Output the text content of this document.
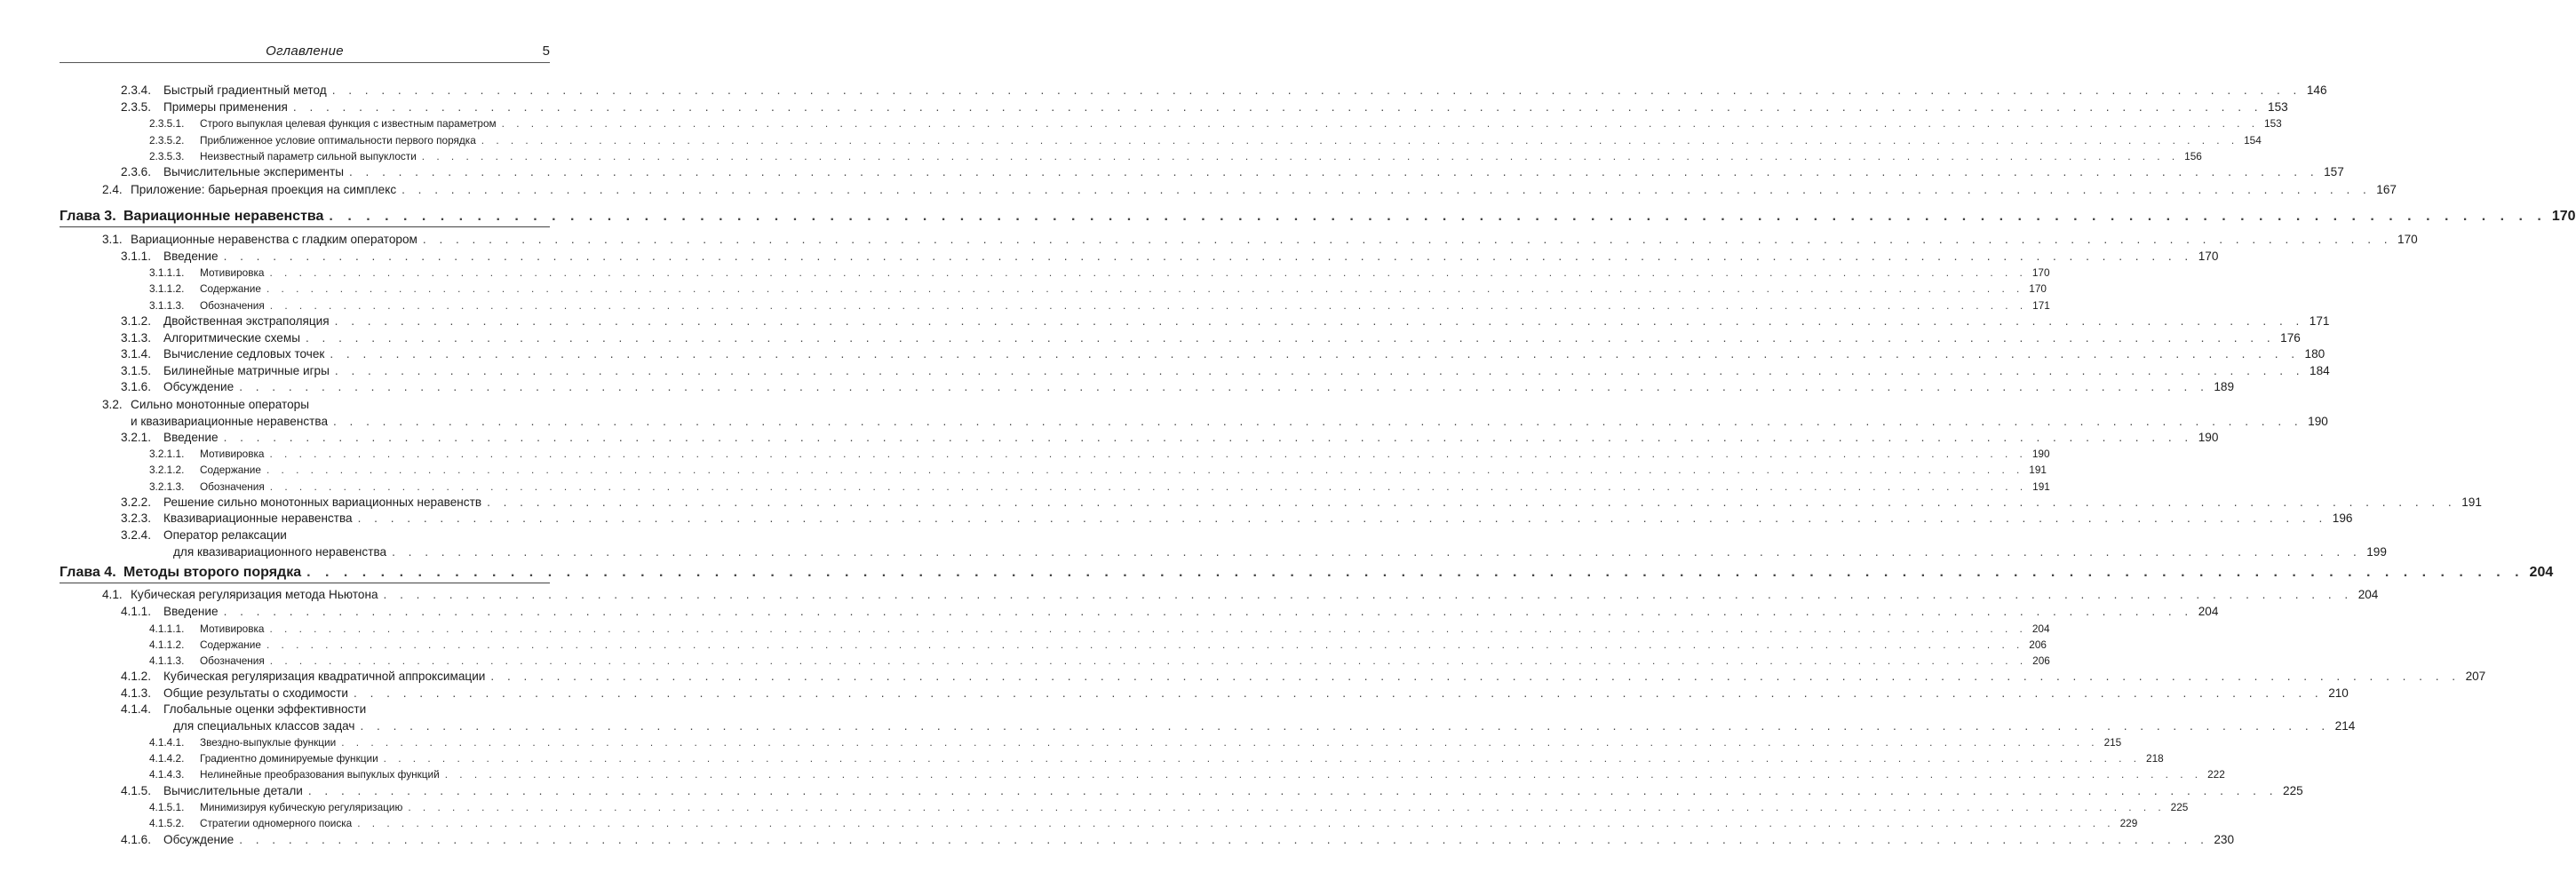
Оглавление	5
2.3.4. Быстрый градиентный метод . . . . . . . . . . . . . . . . . . . . . . . . . . . . . . . . . . . . . . . . . . . . . . . . . . . . . . . . . . . . . . . . . . . . . . . . . . . . . . . . . . . . . . . . . . . . . . . . . . . . . . . . . . . . . . . . . . . . . . . . 146
2.3.5. Примеры применения . . . . . . . . . . . . . . . . . . . . . . . . . . . . . . . . . . . . . . . . . . . . . . . . . . . . . . . . . . . . . . . . . . . . . . . . . . . . . . . . . . . . . . . . . . . . . . . . . . . . . . . . . . . . . . . . . . . . . . . . 153
2.3.5.1. Строго выпуклая целевая функция с известным параметром . . . . . . . . . . . . . . . . . . . . . . . . . . . . . . . . . . . . . . . . . . . . . . . . . . . . . . . . . . . . . . . . . . . . . . . . . . . . . . . . . . . . . . . . . . . . . . . . . . . . . . . . . . . . . . . . . . . . . . . . 153
2.3.5.2. Приближенное условие оптимальности первого порядка . . . . . . . . . . . . . . . . . . . . . . . . . . . . . . . . . . . . . . . . . . . . . . . . . . . . . . . . . . . . . . . . . . . . . . . . . . . . . . . . . . . . . . . . . . . . . . . . . . . . . . . . . . . . . . . . . . . . . . . . 154
2.3.5.3. Неизвестный параметр сильной выпуклости . . . . . . . . . . . . . . . . . . . . . . . . . . . . . . . . . . . . . . . . . . . . . . . . . . . . . . . . . . . . . . . . . . . . . . . . . . . . . . . . . . . . . . . . . . . . . . . . . . . . . . . . . . . . . . . . . . . . . . . . 156
2.3.6. Вычислительные эксперименты . . . . . . . . . . . . . . . . . . . . . . . . . . . . . . . . . . . . . . . . . . . . . . . . . . . . . . . . . . . . . . . . . . . . . . . . . . . . . . . . . . . . . . . . . . . . . . . . . . . . . . . . . . . . . . . . . . . . . . . . 157
2.4. Приложение: барьерная проекция на симплекс . . . . . . . . . . . . . . . . . . . . . . . . . . . . . . . . . . . . . . . . . . . . . . . . . . . . . . . . . . . . . . . . . . . . . . . . . . . . . . . . . . . . . . . . . . . . . . . . . . . . . . . . . . . . . . . . . . . . . . . . 167
Глава 3. Вариационные неравенства . . . . . . . . . . . . . . . . . . . . . . . . . . . . . . . . . . . . . . . . . . . . . . . . . . . . . . . . . . . . . . . . . . . . . . . . . . . . . . . . . . . . . . . . . . . . . . . . . . . . . . . . . . . . . . . . . . . . . . . . 170
3.1. Вариационные неравенства с гладким оператором . . . . . . . . . . . . . . . . . . . . . . . . . . . . . . . . . . . . . . . . . . . . . . . . . . . . . . . . . . . . . . . . . . . . . . . . . . . . . . . . . . . . . . . . . . . . . . . . . . . . . . . . . . . . . . . . . . . . . . . . 170
3.1.1. Введение . . . . . . . . . . . . . . . . . . . . . . . . . . . . . . . . . . . . . . . . . . . . . . . . . . . . . . . . . . . . . . . . . . . . . . . . . . . . . . . . . . . . . . . . . . . . . . . . . . . . . . . . . . . . . . . . . . . . . . . . 170
3.1.1.1. Мотивировка . . . . . . . . . . . . . . . . . . . . . . . . . . . . . . . . . . . . . . . . . . . . . . . . . . . . . . . . . . . . . . . . . . . . . . . . . . . . . . . . . . . . . . . . . . . . . . . . . . . . . . . . . . . . . . . . . . . . . . . . 170
3.1.1.2. Содержание . . . . . . . . . . . . . . . . . . . . . . . . . . . . . . . . . . . . . . . . . . . . . . . . . . . . . . . . . . . . . . . . . . . . . . . . . . . . . . . . . . . . . . . . . . . . . . . . . . . . . . . . . . . . . . . . . . . . . . . . 170
3.1.1.3. Обозначения . . . . . . . . . . . . . . . . . . . . . . . . . . . . . . . . . . . . . . . . . . . . . . . . . . . . . . . . . . . . . . . . . . . . . . . . . . . . . . . . . . . . . . . . . . . . . . . . . . . . . . . . . . . . . . . . . . . . . . . . 171
3.1.2. Двойственная экстраполяция . . . . . . . . . . . . . . . . . . . . . . . . . . . . . . . . . . . . . . . . . . . . . . . . . . . . . . . . . . . . . . . . . . . . . . . . . . . . . . . . . . . . . . . . . . . . . . . . . . . . . . . . . . . . . . . . . . . . . . . . 171
3.1.3. Алгоритмические схемы . . . . . . . . . . . . . . . . . . . . . . . . . . . . . . . . . . . . . . . . . . . . . . . . . . . . . . . . . . . . . . . . . . . . . . . . . . . . . . . . . . . . . . . . . . . . . . . . . . . . . . . . . . . . . . . . . . . . . . . . 176
3.1.4. Вычисление седловых точек . . . . . . . . . . . . . . . . . . . . . . . . . . . . . . . . . . . . . . . . . . . . . . . . . . . . . . . . . . . . . . . . . . . . . . . . . . . . . . . . . . . . . . . . . . . . . . . . . . . . . . . . . . . . . . . . . . . . . . . . 180
3.1.5. Билинейные матричные игры . . . . . . . . . . . . . . . . . . . . . . . . . . . . . . . . . . . . . . . . . . . . . . . . . . . . . . . . . . . . . . . . . . . . . . . . . . . . . . . . . . . . . . . . . . . . . . . . . . . . . . . . . . . . . . . . . . . . . . . . 184
3.1.6. Обсуждение . . . . . . . . . . . . . . . . . . . . . . . . . . . . . . . . . . . . . . . . . . . . . . . . . . . . . . . . . . . . . . . . . . . . . . . . . . . . . . . . . . . . . . . . . . . . . . . . . . . . . . . . . . . . . . . . . . . . . . . . 189
3.2. Сильно монотонные операторы
и квазивариационные неравенства . . . . . . . . . . . . . . . . . . . . . . . . . . . . . . . . . . . . . . . . . . . . . . . . . . . . . . . . . . . . . . . . . . . . . . . . . . . . . . . . . . . . . . . . . . . . . . . . . . . . . . . . . . . . . . . . . . . . . . . . 190
3.2.1. Введение . . . . . . . . . . . . . . . . . . . . . . . . . . . . . . . . . . . . . . . . . . . . . . . . . . . . . . . . . . . . . . . . . . . . . . . . . . . . . . . . . . . . . . . . . . . . . . . . . . . . . . . . . . . . . . . . . . . . . . . . 190
3.2.1.1. Мотивировка . . . . . . . . . . . . . . . . . . . . . . . . . . . . . . . . . . . . . . . . . . . . . . . . . . . . . . . . . . . . . . . . . . . . . . . . . . . . . . . . . . . . . . . . . . . . . . . . . . . . . . . . . . . . . . . . . . . . . . . . 190
3.2.1.2. Содержание . . . . . . . . . . . . . . . . . . . . . . . . . . . . . . . . . . . . . . . . . . . . . . . . . . . . . . . . . . . . . . . . . . . . . . . . . . . . . . . . . . . . . . . . . . . . . . . . . . . . . . . . . . . . . . . . . . . . . . . . 191
3.2.1.3. Обозначения . . . . . . . . . . . . . . . . . . . . . . . . . . . . . . . . . . . . . . . . . . . . . . . . . . . . . . . . . . . . . . . . . . . . . . . . . . . . . . . . . . . . . . . . . . . . . . . . . . . . . . . . . . . . . . . . . . . . . . . . 191
3.2.2. Решение сильно монотонных вариационных неравенств . . . . . . . . . . . . . . . . . . . . . . . . . . . . . . . . . . . . . . . . . . . . . . . . . . . . . . . . . . . . . . . . . . . . . . . . . . . . . . . . . . . . . . . . . . . . . . . . . . . . . . . . . . . . . . . . . . . . . . . . 191
3.2.3. Квазивариационные неравенства . . . . . . . . . . . . . . . . . . . . . . . . . . . . . . . . . . . . . . . . . . . . . . . . . . . . . . . . . . . . . . . . . . . . . . . . . . . . . . . . . . . . . . . . . . . . . . . . . . . . . . . . . . . . . . . . . . . . . . . . 196
3.2.4. Оператор релаксации
для квазивариационного неравенства . . . . . . . . . . . . . . . . . . . . . . . . . . . . . . . . . . . . . . . . . . . . . . . . . . . . . . . . . . . . . . . . . . . . . . . . . . . . . . . . . . . . . . . . . . . . . . . . . . . . . . . . . . . . . . . . . . . . . . . . 199
Глава 4. Методы второго порядка . . . . . . . . . . . . . . . . . . . . . . . . . . . . . . . . . . . . . . . . . . . . . . . . . . . . . . . . . . . . . . . . . . . . . . . . . . . . . . . . . . . . . . . . . . . . . . . . . . . . . . . . . . . . . . . . . . . . . . . . 204
4.1. Кубическая регуляризация метода Ньютона . . . . . . . . . . . . . . . . . . . . . . . . . . . . . . . . . . . . . . . . . . . . . . . . . . . . . . . . . . . . . . . . . . . . . . . . . . . . . . . . . . . . . . . . . . . . . . . . . . . . . . . . . . . . . . . . . . . . . . . . 204
4.1.1. Введение . . . . . . . . . . . . . . . . . . . . . . . . . . . . . . . . . . . . . . . . . . . . . . . . . . . . . . . . . . . . . . . . . . . . . . . . . . . . . . . . . . . . . . . . . . . . . . . . . . . . . . . . . . . . . . . . . . . . . . . . 204
4.1.1.1. Мотивировка . . . . . . . . . . . . . . . . . . . . . . . . . . . . . . . . . . . . . . . . . . . . . . . . . . . . . . . . . . . . . . . . . . . . . . . . . . . . . . . . . . . . . . . . . . . . . . . . . . . . . . . . . . . . . . . . . . . . . . . . 204
4.1.1.2. Содержание . . . . . . . . . . . . . . . . . . . . . . . . . . . . . . . . . . . . . . . . . . . . . . . . . . . . . . . . . . . . . . . . . . . . . . . . . . . . . . . . . . . . . . . . . . . . . . . . . . . . . . . . . . . . . . . . . . . . . . . . 206
4.1.1.3. Обозначения . . . . . . . . . . . . . . . . . . . . . . . . . . . . . . . . . . . . . . . . . . . . . . . . . . . . . . . . . . . . . . . . . . . . . . . . . . . . . . . . . . . . . . . . . . . . . . . . . . . . . . . . . . . . . . . . . . . . . . . . 206
4.1.2. Кубическая регуляризация квадратичной аппроксимации . . . . . . . . . . . . . . . . . . . . . . . . . . . . . . . . . . . . . . . . . . . . . . . . . . . . . . . . . . . . . . . . . . . . . . . . . . . . . . . . . . . . . . . . . . . . . . . . . . . . . . . . . . . . . . . . . . . . . . . . 207
4.1.3. Общие результаты о сходимости . . . . . . . . . . . . . . . . . . . . . . . . . . . . . . . . . . . . . . . . . . . . . . . . . . . . . . . . . . . . . . . . . . . . . . . . . . . . . . . . . . . . . . . . . . . . . . . . . . . . . . . . . . . . . . . . . . . . . . . . 210
4.1.4. Глобальные оценки эффективности
для специальных классов задач . . . . . . . . . . . . . . . . . . . . . . . . . . . . . . . . . . . . . . . . . . . . . . . . . . . . . . . . . . . . . . . . . . . . . . . . . . . . . . . . . . . . . . . . . . . . . . . . . . . . . . . . . . . . . . . . . . . . . . . . 214
4.1.4.1. Звездно-выпуклые функции . . . . . . . . . . . . . . . . . . . . . . . . . . . . . . . . . . . . . . . . . . . . . . . . . . . . . . . . . . . . . . . . . . . . . . . . . . . . . . . . . . . . . . . . . . . . . . . . . . . . . . . . . . . . . . . . . . . . . . . . 215
4.1.4.2. Градиентно доминируемые функции . . . . . . . . . . . . . . . . . . . . . . . . . . . . . . . . . . . . . . . . . . . . . . . . . . . . . . . . . . . . . . . . . . . . . . . . . . . . . . . . . . . . . . . . . . . . . . . . . . . . . . . . . . . . . . . . . . . . . . . . 218
4.1.4.3. Нелинейные преобразования выпуклых функций . . . . . . . . . . . . . . . . . . . . . . . . . . . . . . . . . . . . . . . . . . . . . . . . . . . . . . . . . . . . . . . . . . . . . . . . . . . . . . . . . . . . . . . . . . . . . . . . . . . . . . . . . . . . . . . . . . . . . . . . 222
4.1.5. Вычислительные детали . . . . . . . . . . . . . . . . . . . . . . . . . . . . . . . . . . . . . . . . . . . . . . . . . . . . . . . . . . . . . . . . . . . . . . . . . . . . . . . . . . . . . . . . . . . . . . . . . . . . . . . . . . . . . . . . . . . . . . . . 225
4.1.5.1. Минимизируя кубическую регуляризацию . . . . . . . . . . . . . . . . . . . . . . . . . . . . . . . . . . . . . . . . . . . . . . . . . . . . . . . . . . . . . . . . . . . . . . . . . . . . . . . . . . . . . . . . . . . . . . . . . . . . . . . . . . . . . . . . . . . . . . . . 225
4.1.5.2. Стратегии одномерного поиска . . . . . . . . . . . . . . . . . . . . . . . . . . . . . . . . . . . . . . . . . . . . . . . . . . . . . . . . . . . . . . . . . . . . . . . . . . . . . . . . . . . . . . . . . . . . . . . . . . . . . . . . . . . . . . . . . . . . . . . . 229
4.1.6. Обсуждение . . . . . . . . . . . . . . . . . . . . . . . . . . . . . . . . . . . . . . . . . . . . . . . . . . . . . . . . . . . . . . . . . . . . . . . . . . . . . . . . . . . . . . . . . . . . . . . . . . . . . . . . . . . . . . . . . . . . . . . . 230
